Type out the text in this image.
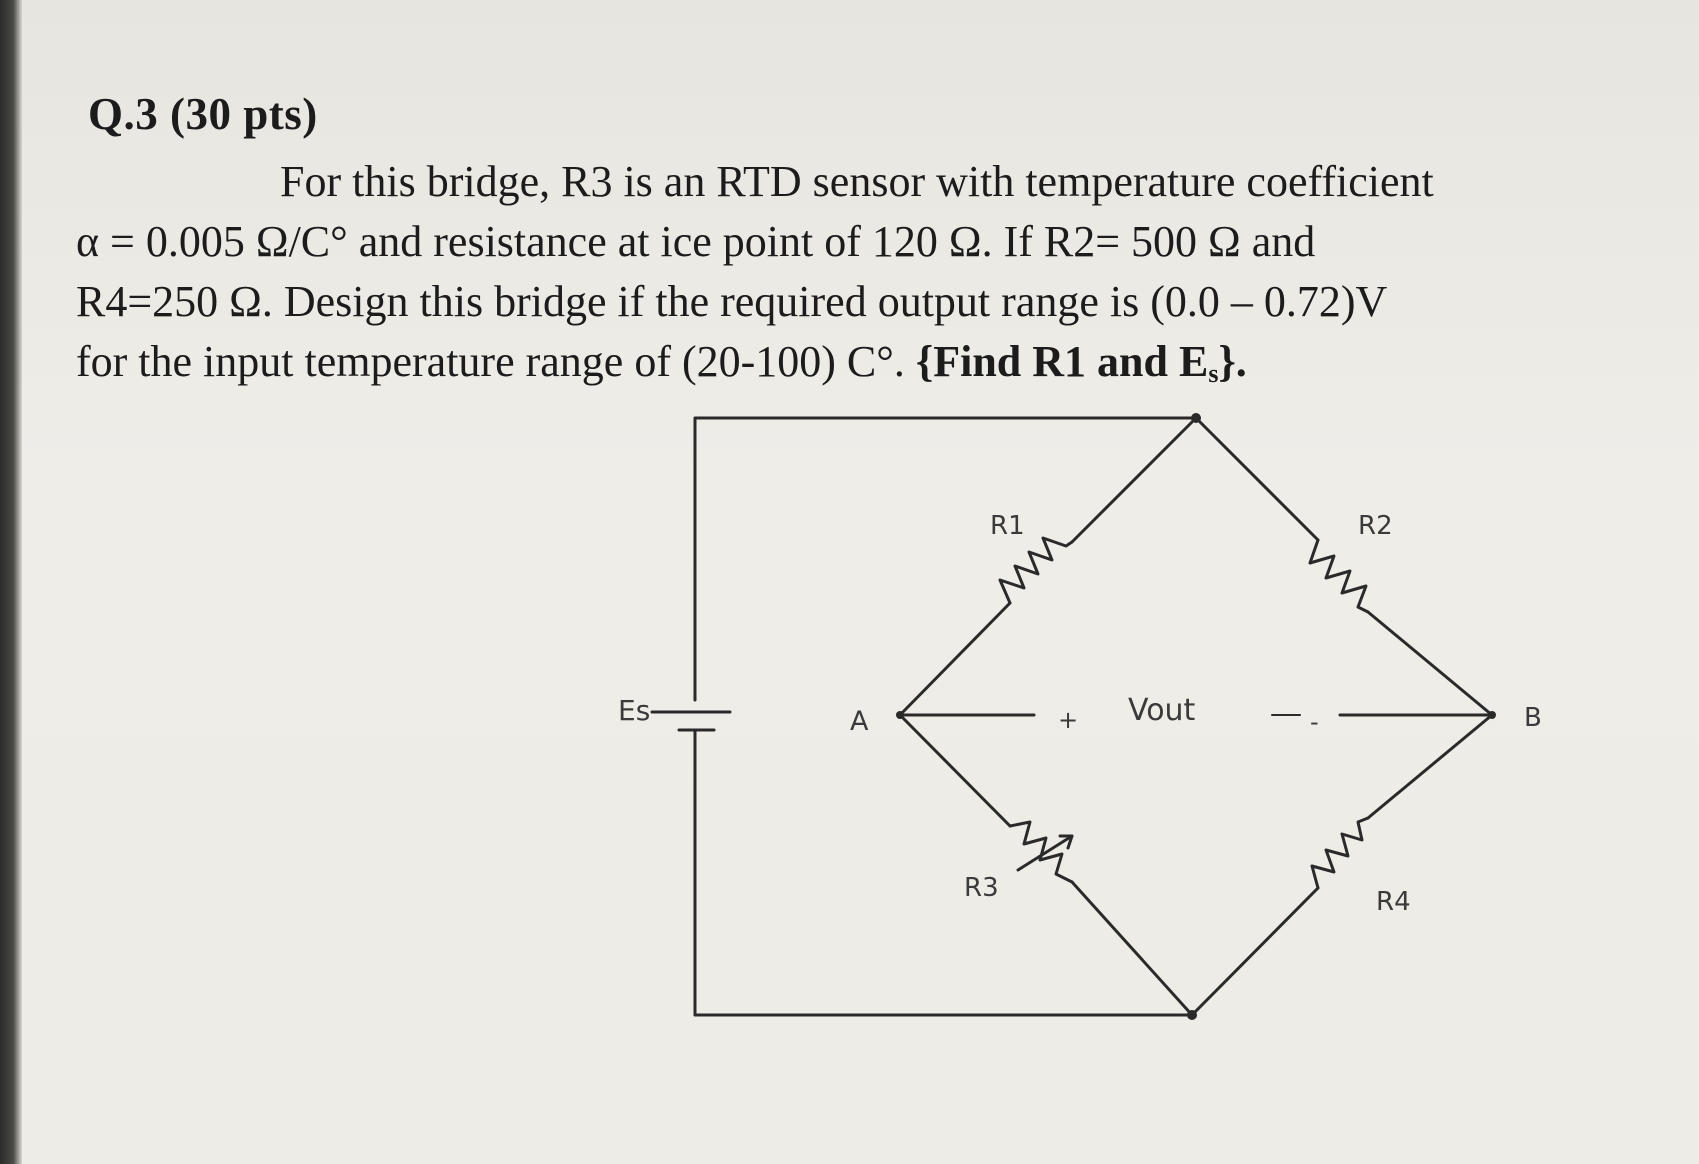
Q.3 (30 pts)
For this bridge, R3 is an RTD sensor with temperature coefficient
α = 0.005 Ω/C° and resistance at ice point of 120 Ω. If R2= 500 Ω and
R4=250 Ω. Design this bridge if the required output range is (0.0 – 0.72)V
for the input temperature range of (20-100) C°. {Find R1 and $E_s$}.
R1	R2
R3	R4
Es	A	B
Vout
+	-
